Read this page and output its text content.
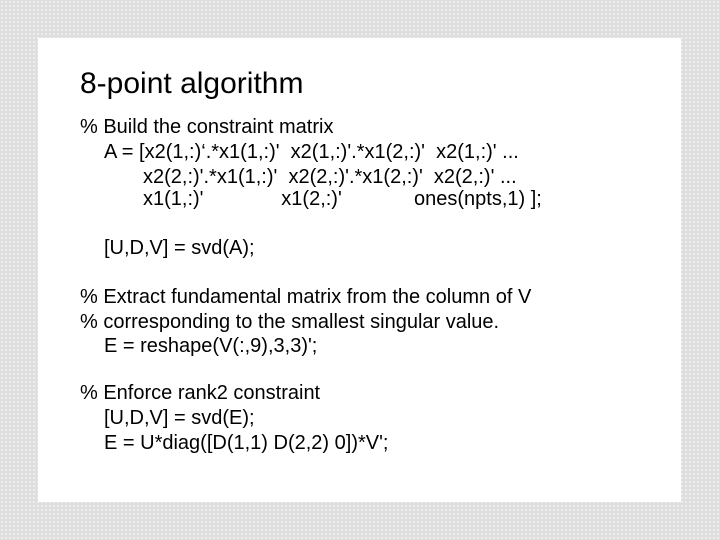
8-point algorithm
% Build the constraint matrix
A = [x2(1,:)‘.*x1(1,:)'  x2(1,:)'.*x1(2,:)'  x2(1,:)' ...
x2(2,:)'.*x1(1,:)'  x2(2,:)'.*x1(2,:)'  x2(2,:)' ...
x1(1,:)'              x1(2,:)'             ones(npts,1) ];
[U,D,V] = svd(A);
% Extract fundamental matrix from the column of V
% corresponding to the smallest singular value.
E = reshape(V(:,9),3,3)';
% Enforce rank2 constraint
[U,D,V] = svd(E);
E = U*diag([D(1,1) D(2,2) 0])*V';
